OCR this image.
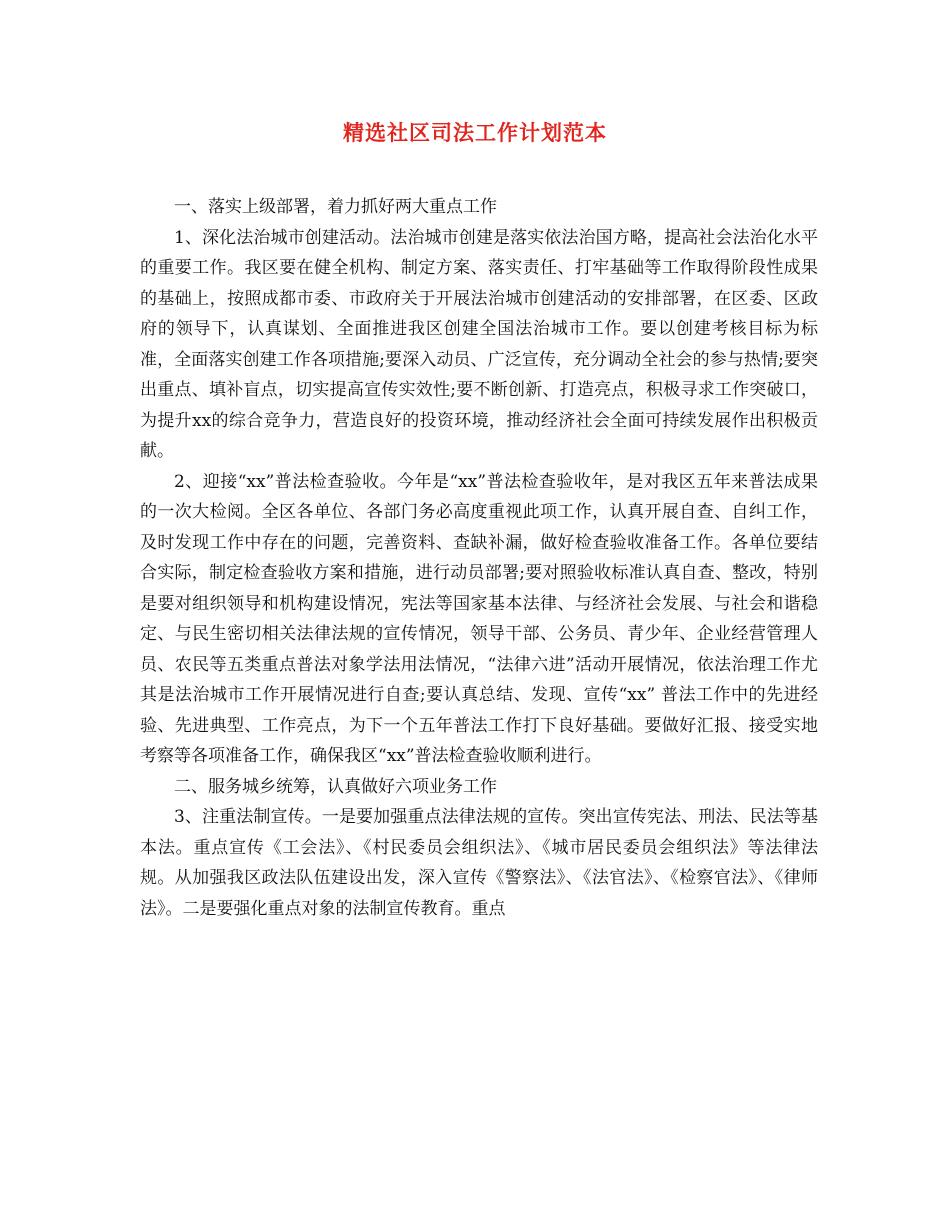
精选社区司法工作计划范本

一、落实上级部署，着力抓好两大重点工作

1、深化法治城市创建活动。法治城市创建是落实依法治国方略，提高社会法治化水平的重要工作。我区要在健全机构、制定方案、落实责任、打牢基础等工作取得阶段性成果的基础上，按照成都市委、市政府关于开展法治城市创建活动的安排部署，在区委、区政府的领导下，认真谋划、全面推进我区创建全国法治城市工作。要以创建考核目标为标准，全面落实创建工作各项措施;要深入动员、广泛宣传，充分调动全社会的参与热情;要突出重点、填补盲点，切实提高宣传实效性;要不断创新、打造亮点，积极寻求工作突破口，为提升xx的综合竞争力，营造良好的投资环境，推动经济社会全面可持续发展作出积极贡献。

2、迎接“xx”普法检查验收。今年是“xx”普法检查验收年，是对我区五年来普法成果的一次大检阅。全区各单位、各部门务必高度重视此项工作，认真开展自查、自纠工作，及时发现工作中存在的问题，完善资料、查缺补漏，做好检查验收准备工作。各单位要结合实际，制定检查验收方案和措施，进行动员部署;要对照验收标准认真自查、整改，特别是要对组织领导和机构建设情况，宪法等国家基本法律、与经济社会发展、与社会和谐稳定、与民生密切相关法律法规的宣传情况，领导干部、公务员、青少年、企业经营管理人员、农民等五类重点普法对象学法用法情况，“法律六进”活动开展情况，依法治理工作尤其是法治城市工作开展情况进行自查;要认真总结、发现、宣传“xx” 普法工作中的先进经验、先进典型、工作亮点，为下一个五年普法工作打下良好基础。要做好汇报、接受实地考察等各项准备工作，确保我区“xx”普法检查验收顺利进行。

二、服务城乡统筹，认真做好六项业务工作

3、注重法制宣传。一是要加强重点法律法规的宣传。突出宣传宪法、刑法、民法等基本法。重点宣传《工会法》、《村民委员会组织法》、《城市居民委员会组织法》等法律法规。从加强我区政法队伍建设出发，深入宣传《警察法》、《法官法》、《检察官法》、《律师法》。二是要强化重点对象的法制宣传教育。重点
